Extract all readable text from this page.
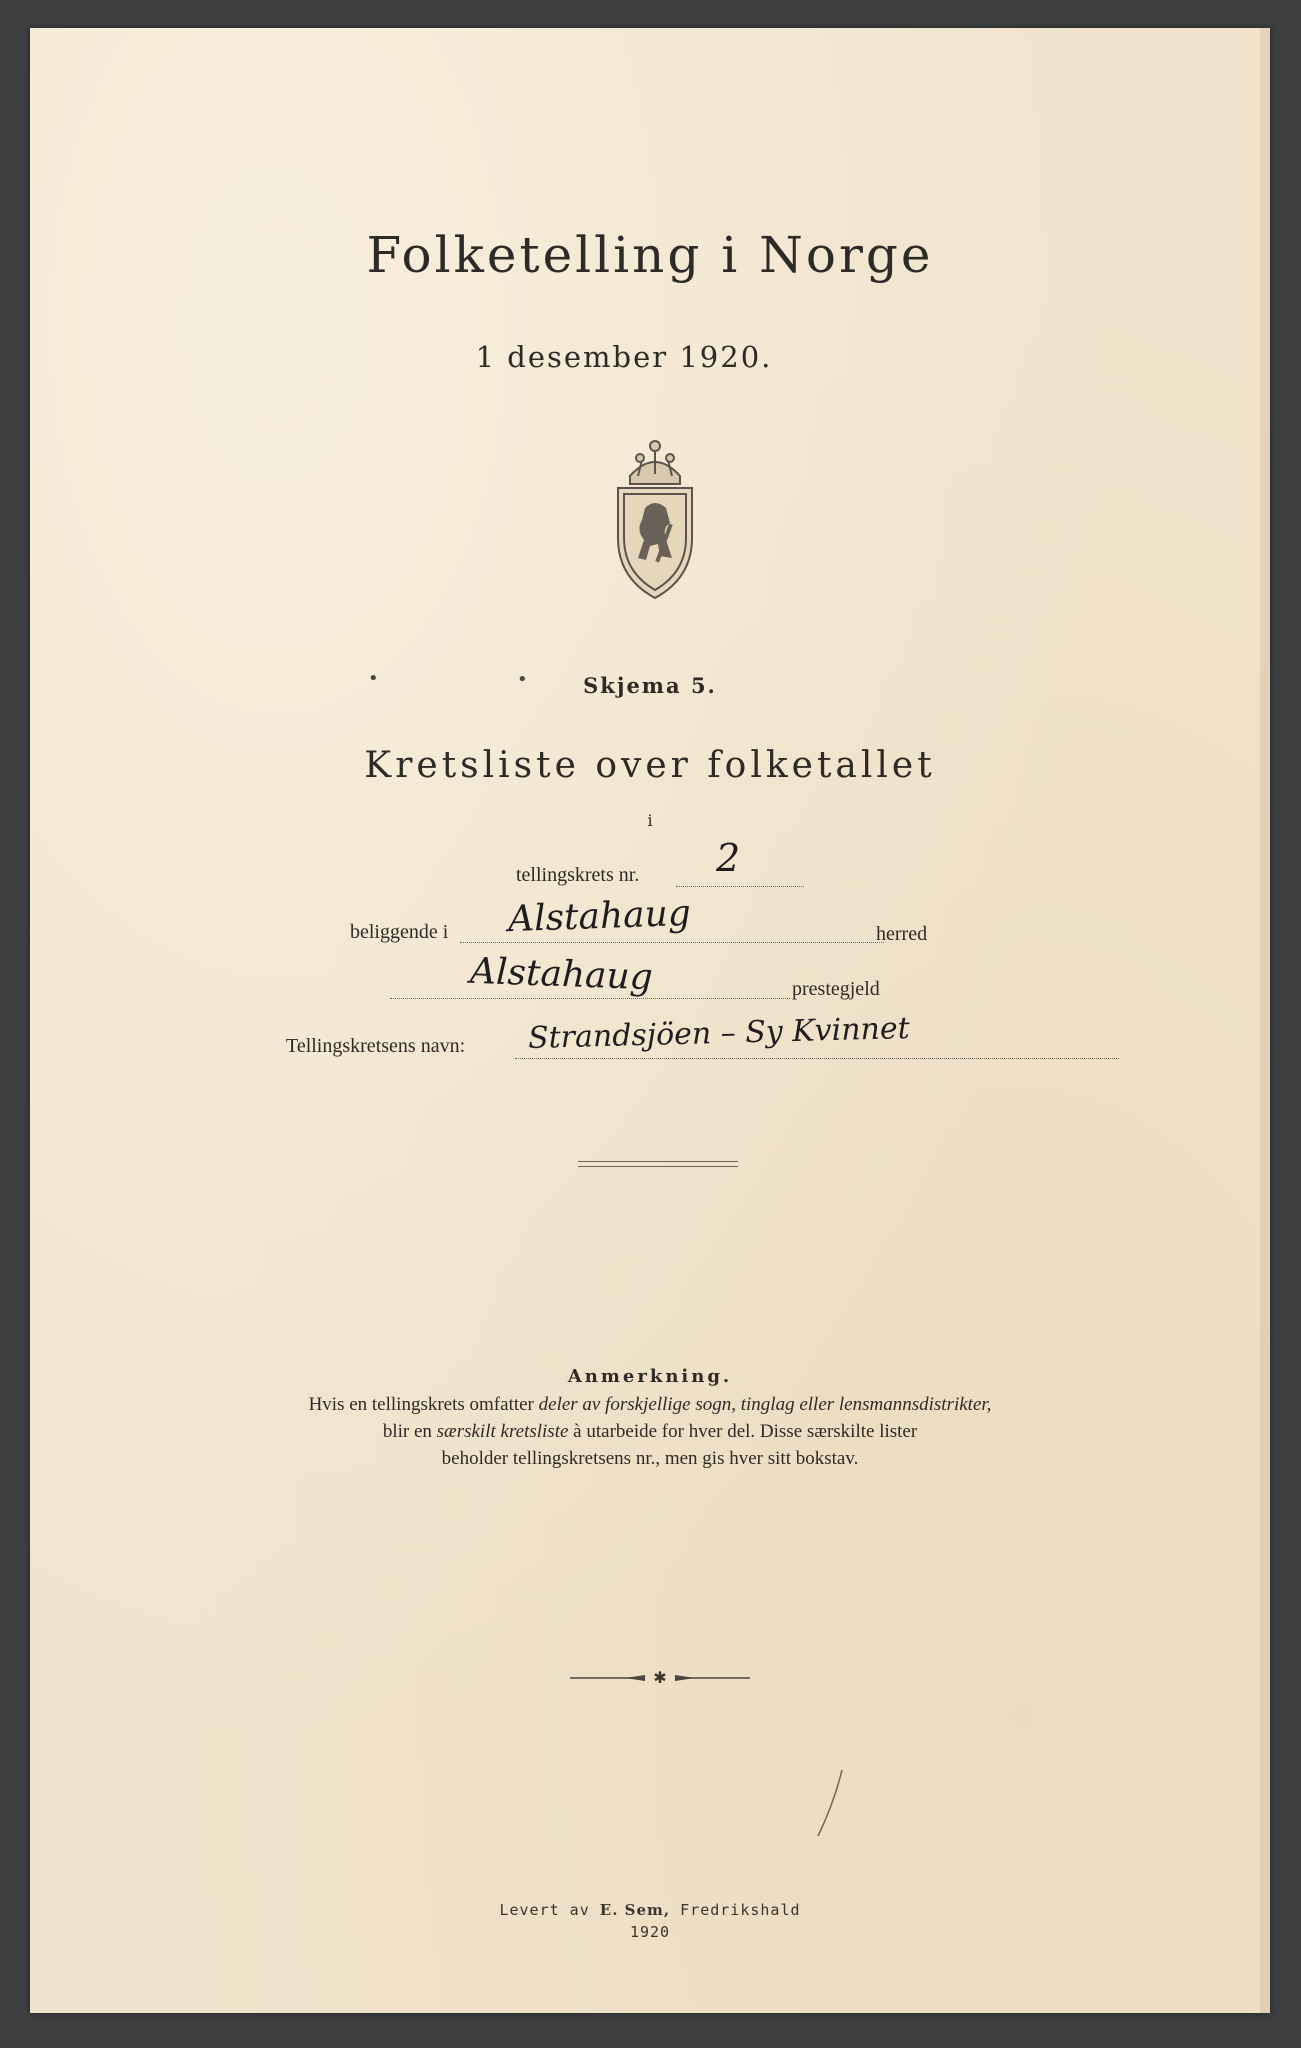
Folketelling i Norge
1 desember 1920.
•	•	Skjema 5.
Kretsliste over folketallet
i
tellingskrets nr. 2
beliggende i Alstahaug	herred
Alstahaug	prestegjeld
Tellingskretsens navn: Strandsjöen – Sy Kvinnet
Anmerkning.
Hvis en tellingskrets omfatter deler av forskjellige sogn, tinglag eller lensmannsdistrikter,
blir en særskilt kretsliste à utarbeide for hver del. Disse særskilte lister
beholder tellingskretsens nr., men gis hver sitt bokstav.
✱
Levert av E. Sem, Fredrikshald
1920
